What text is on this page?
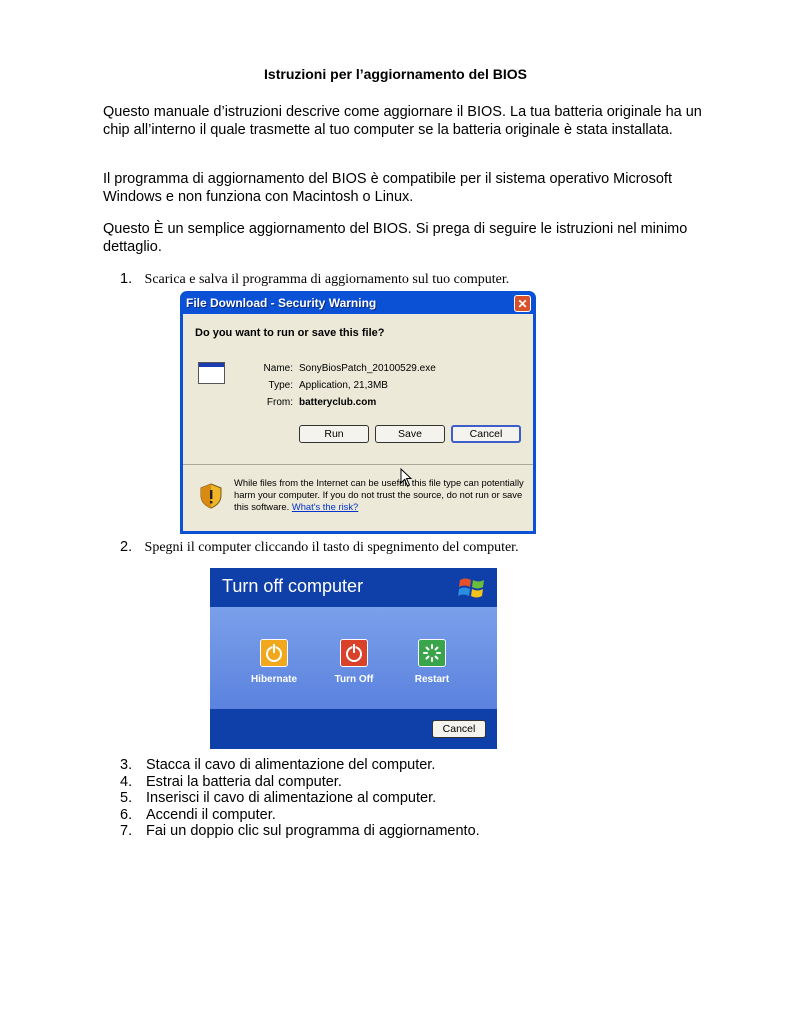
Istruzioni per l’aggiornamento del BIOS
Questo manuale d’istruzioni descrive come aggiornare il BIOS. La tua batteria originale ha un chip all’interno il quale trasmette al tuo computer se la batteria originale è stata installata.
Il programma di aggiornamento del BIOS è compatibile per il sistema operativo Microsoft Windows e non funziona con Macintosh o Linux.
Questo È un semplice aggiornamento del BIOS. Si prega di seguire le istruzioni nel minimo dettaglio.
1. Scarica e salva il programma di aggiornamento sul tuo computer.
File Download - Security Warning	✕
Do you want to run or save this file?
Name: SonyBiosPatch_20100529.exe
Type: Application, 21,3MB
From: batteryclub.com
Run	Save	Cancel
While files from the Internet can be useful, this file type can potentially harm your computer. If you do not trust the source, do not run or save this software. What's the risk?
2. Spegni il computer cliccando il tasto di spegnimento del computer.
Turn off computer
Hibernate	Turn Off	Restart
Cancel
3. Stacca il cavo di alimentazione del computer.
4. Estrai la batteria dal computer.
5. Inserisci il cavo di alimentazione al computer.
6. Accendi il computer.
7. Fai un doppio clic sul programma di aggiornamento.
